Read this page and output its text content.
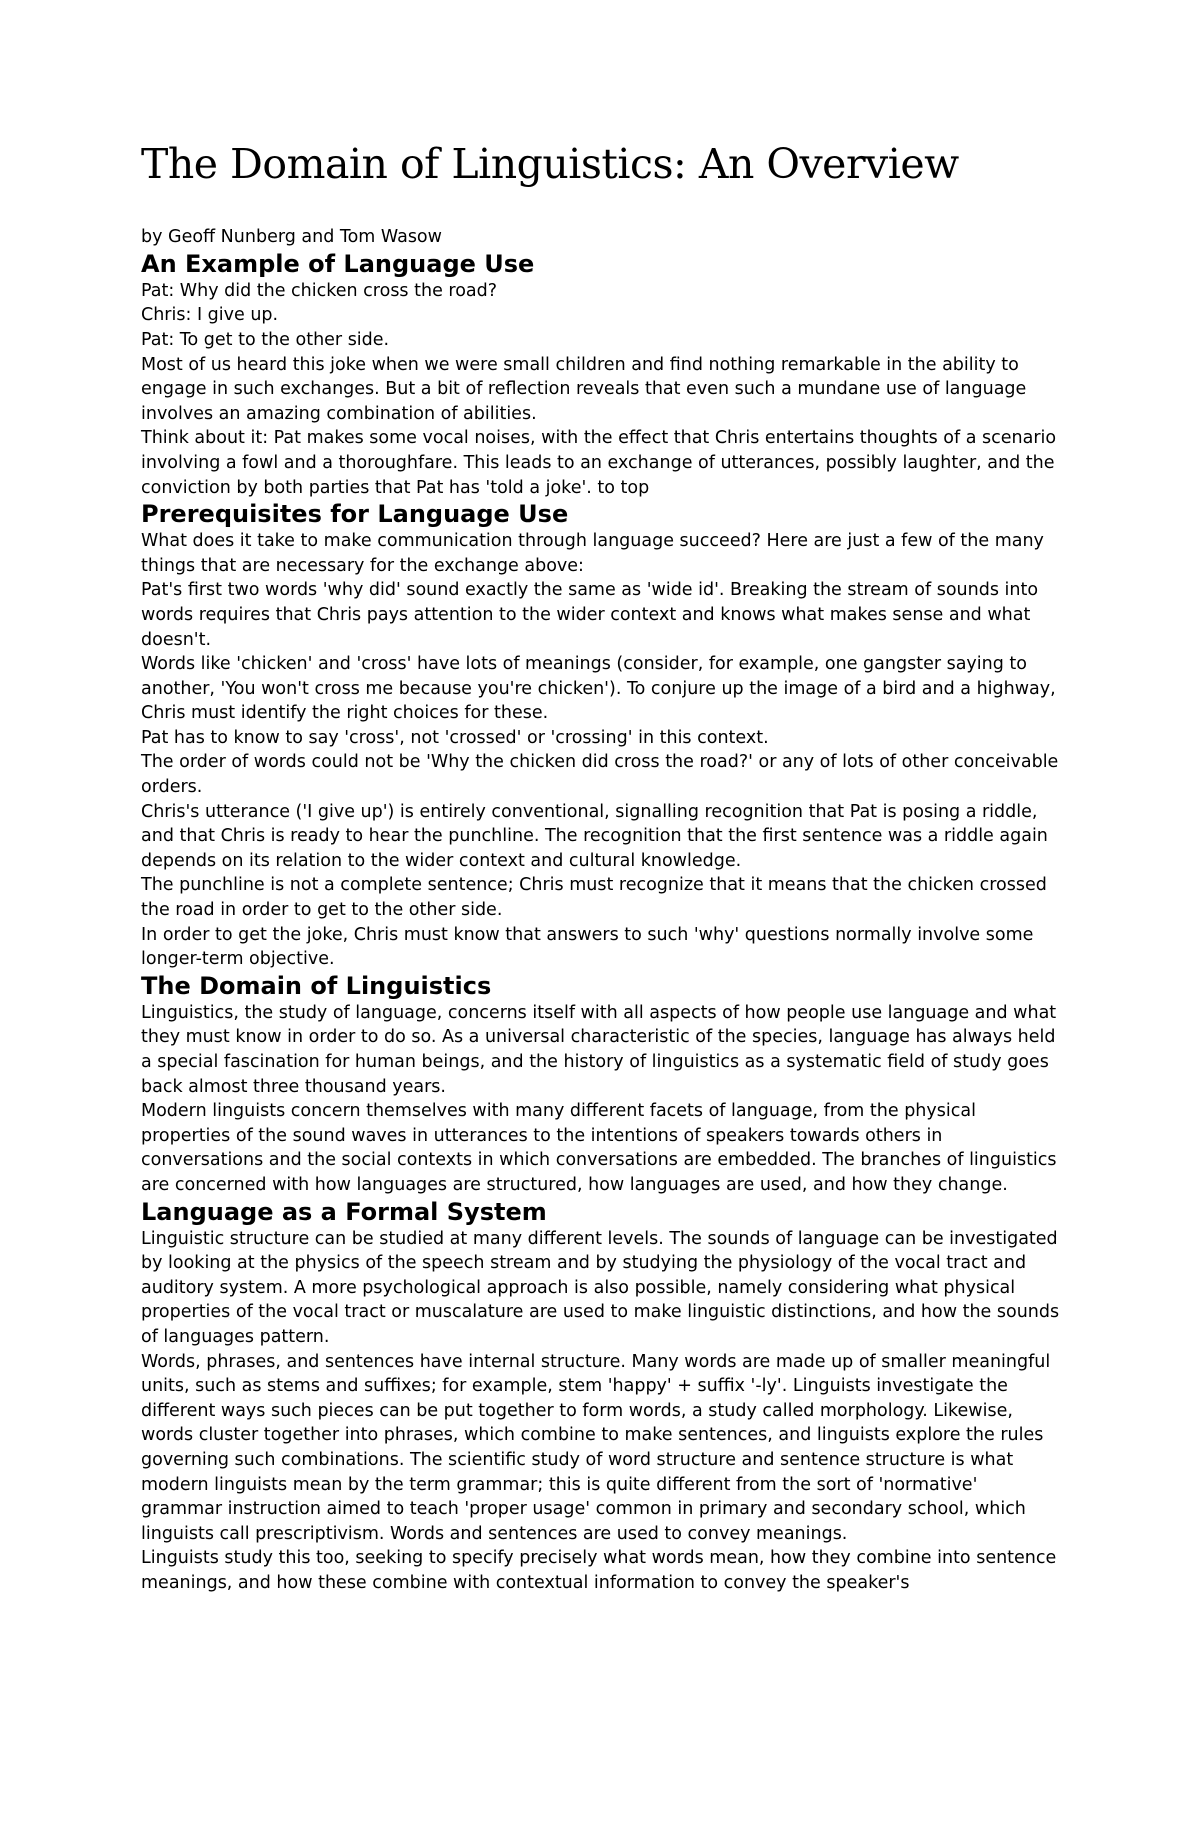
The Domain of Linguistics: An Overview

by Geoff Nunberg and Tom Wasow

An Example of Language Use

Pat: Why did the chicken cross the road?

Chris: I give up.

Pat: To get to the other side.

Most of us heard this joke when we were small children and find nothing remarkable in the ability to engage in such exchanges. But a bit of reflection reveals that even such a mundane use of language involves an amazing combination of abilities.

Think about it: Pat makes some vocal noises, with the effect that Chris entertains thoughts of a scenario involving a fowl and a thoroughfare. This leads to an exchange of utterances, possibly laughter, and the conviction by both parties that Pat has 'told a joke'. to top

Prerequisites for Language Use

What does it take to make communication through language succeed? Here are just a few of the many things that are necessary for the exchange above:

Pat's first two words 'why did' sound exactly the same as 'wide id'. Breaking the stream of sounds into words requires that Chris pays attention to the wider context and knows what makes sense and what doesn't.

Words like 'chicken' and 'cross' have lots of meanings (consider, for example, one gangster saying to another, 'You won't cross me because you're chicken'). To conjure up the image of a bird and a highway, Chris must identify the right choices for these.

Pat has to know to say 'cross', not 'crossed' or 'crossing' in this context.

The order of words could not be 'Why the chicken did cross the road?' or any of lots of other conceivable orders.

Chris's utterance ('I give up') is entirely conventional, signalling recognition that Pat is posing a riddle, and that Chris is ready to hear the punchline. The recognition that the first sentence was a riddle again depends on its relation to the wider context and cultural knowledge.

The punchline is not a complete sentence; Chris must recognize that it means that the chicken crossed the road in order to get to the other side.

In order to get the joke, Chris must know that answers to such 'why' questions normally involve some longer-term objective.

The Domain of Linguistics

Linguistics, the study of language, concerns itself with all aspects of how people use language and what they must know in order to do so. As a universal characteristic of the species, language has always held a special fascination for human beings, and the history of linguistics as a systematic field of study goes back almost three thousand years.

Modern linguists concern themselves with many different facets of language, from the physical properties of the sound waves in utterances to the intentions of speakers towards others in conversations and the social contexts in which conversations are embedded. The branches of linguistics are concerned with how languages are structured, how languages are used, and how they change.

Language as a Formal System

Linguistic structure can be studied at many different levels. The sounds of language can be investigated by looking at the physics of the speech stream and by studying the physiology of the vocal tract and auditory system. A more psychological approach is also possible, namely considering what physical properties of the vocal tract or muscalature are used to make linguistic distinctions, and how the sounds of languages pattern.

Words, phrases, and sentences have internal structure. Many words are made up of smaller meaningful units, such as stems and suffixes; for example, stem 'happy' + suffix '-ly'. Linguists investigate the different ways such pieces can be put together to form words, a study called morphology. Likewise, words cluster together into phrases, which combine to make sentences, and linguists explore the rules governing such combinations. The scientific study of word structure and sentence structure is what modern linguists mean by the term grammar; this is quite different from the sort of 'normative' grammar instruction aimed to teach 'proper usage' common in primary and secondary school, which linguists call prescriptivism. Words and sentences are used to convey meanings.

Linguists study this too, seeking to specify precisely what words mean, how they combine into sentence meanings, and how these combine with contextual information to convey the speaker's
